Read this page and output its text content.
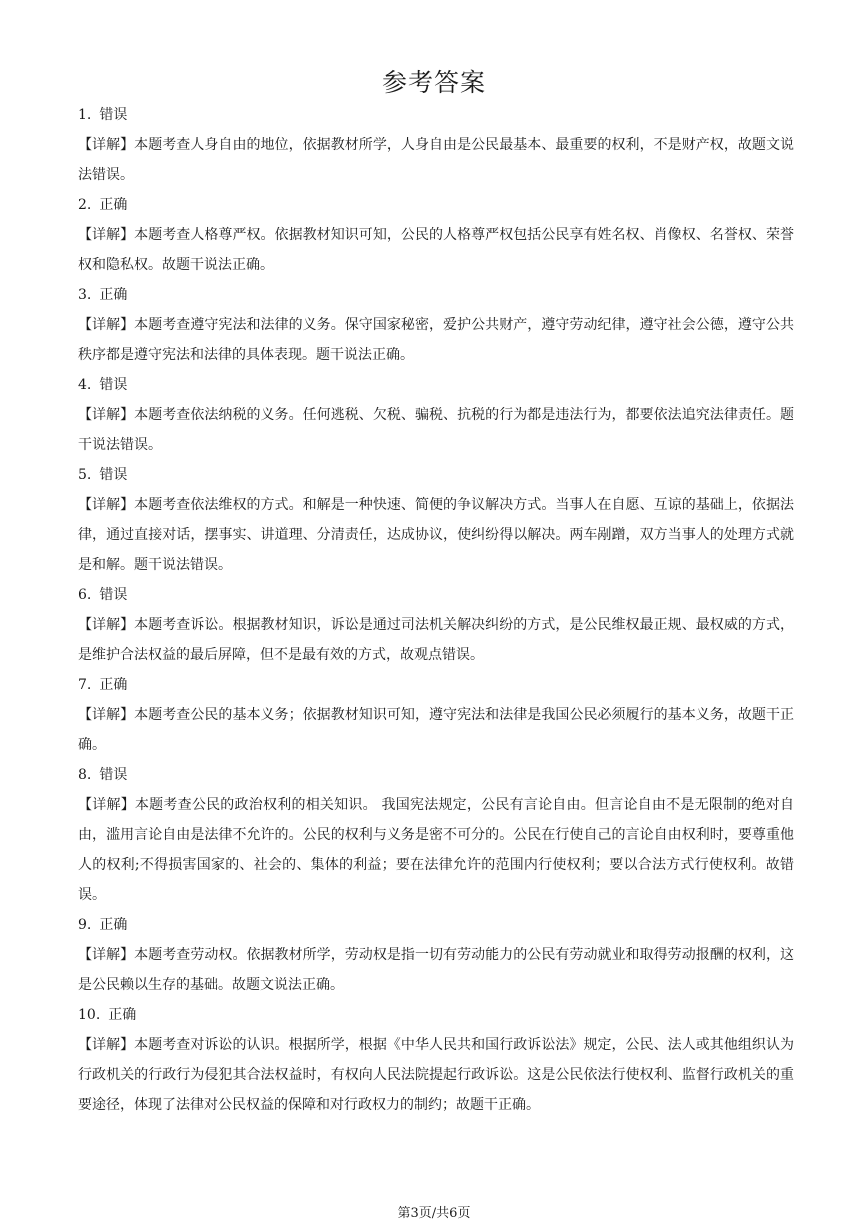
参考答案

1. 错误

【详解】本题考查人身自由的地位，依据教材所学，人身自由是公民最基本、最重要的权利，不是财产权，故题文说法错误。

2. 正确

【详解】本题考查人格尊严权。依据教材知识可知，公民的人格尊严权包括公民享有姓名权、肖像权、名誉权、荣誉权和隐私权。故题干说法正确。

3. 正确

【详解】本题考查遵守宪法和法律的义务。保守国家秘密，爱护公共财产，遵守劳动纪律，遵守社会公德，遵守公共秩序都是遵守宪法和法律的具体表现。题干说法正确。

4. 错误

【详解】本题考查依法纳税的义务。任何逃税、欠税、骗税、抗税的行为都是违法行为，都要依法追究法律责任。题干说法错误。

5. 错误

【详解】本题考查依法维权的方式。和解是一种快速、简便的争议解决方式。当事人在自愿、互谅的基础上，依据法律，通过直接对话，摆事实、讲道理、分清责任，达成协议，使纠纷得以解决。两车剐蹭，双方当事人的处理方式就是和解。题干说法错误。

6. 错误

【详解】本题考查诉讼。根据教材知识，诉讼是通过司法机关解决纠纷的方式，是公民维权最正规、最权威的方式，是维护合法权益的最后屏障，但不是最有效的方式，故观点错误。

7. 正确

【详解】本题考查公民的基本义务；依据教材知识可知，遵守宪法和法律是我国公民必须履行的基本义务，故题干正确。

8. 错误

【详解】本题考查公民的政治权利的相关知识。 我国宪法规定，公民有言论自由。但言论自由不是无限制的绝对自由，滥用言论自由是法律不允许的。公民的权利与义务是密不可分的。公民在行使自己的言论自由权利时，要尊重他人的权利;不得损害国家的、社会的、集体的利益；要在法律允许的范围内行使权利；要以合法方式行使权利。故错误。

9. 正确

【详解】本题考查劳动权。依据教材所学，劳动权是指一切有劳动能力的公民有劳动就业和取得劳动报酬的权利，这是公民赖以生存的基础。故题文说法正确。

10. 正确

【详解】本题考查对诉讼的认识。根据所学，根据《中华人民共和国行政诉讼法》规定，公民、法人或其他组织认为行政机关的行政行为侵犯其合法权益时，有权向人民法院提起行政诉讼。这是公民依法行使权利、监督行政机关的重要途径，体现了法律对公民权益的保障和对行政权力的制约；故题干正确。

第3页/共6页
